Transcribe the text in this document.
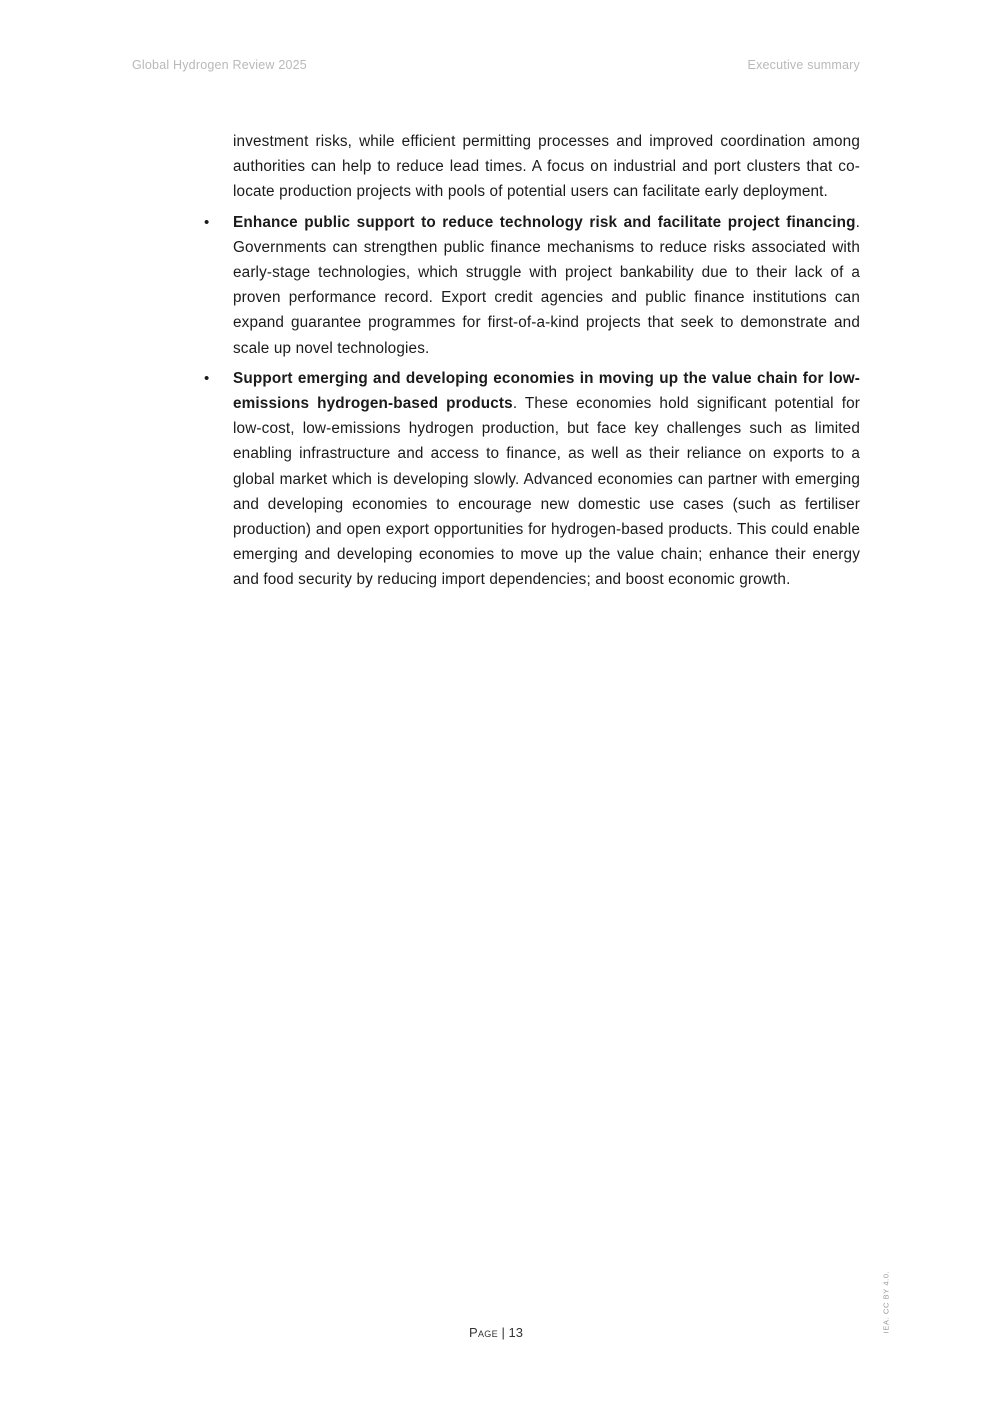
Global Hydrogen Review 2025	Executive summary

investment risks, while efficient permitting processes and improved coordination among authorities can help to reduce lead times. A focus on industrial and port clusters that co-locate production projects with pools of potential users can facilitate early deployment.

• Enhance public support to reduce technology risk and facilitate project financing. Governments can strengthen public finance mechanisms to reduce risks associated with early-stage technologies, which struggle with project bankability due to their lack of a proven performance record. Export credit agencies and public finance institutions can expand guarantee programmes for first-of-a-kind projects that seek to demonstrate and scale up novel technologies.
• Support emerging and developing economies in moving up the value chain for low-emissions hydrogen-based products. These economies hold significant potential for low-cost, low-emissions hydrogen production, but face key challenges such as limited enabling infrastructure and access to finance, as well as their reliance on exports to a global market which is developing slowly. Advanced economies can partner with emerging and developing economies to encourage new domestic use cases (such as fertiliser production) and open export opportunities for hydrogen-based products. This could enable emerging and developing economies to move up the value chain; enhance their energy and food security by reducing import dependencies; and boost economic growth.
Page | 13	IEA. CC BY 4.0.
